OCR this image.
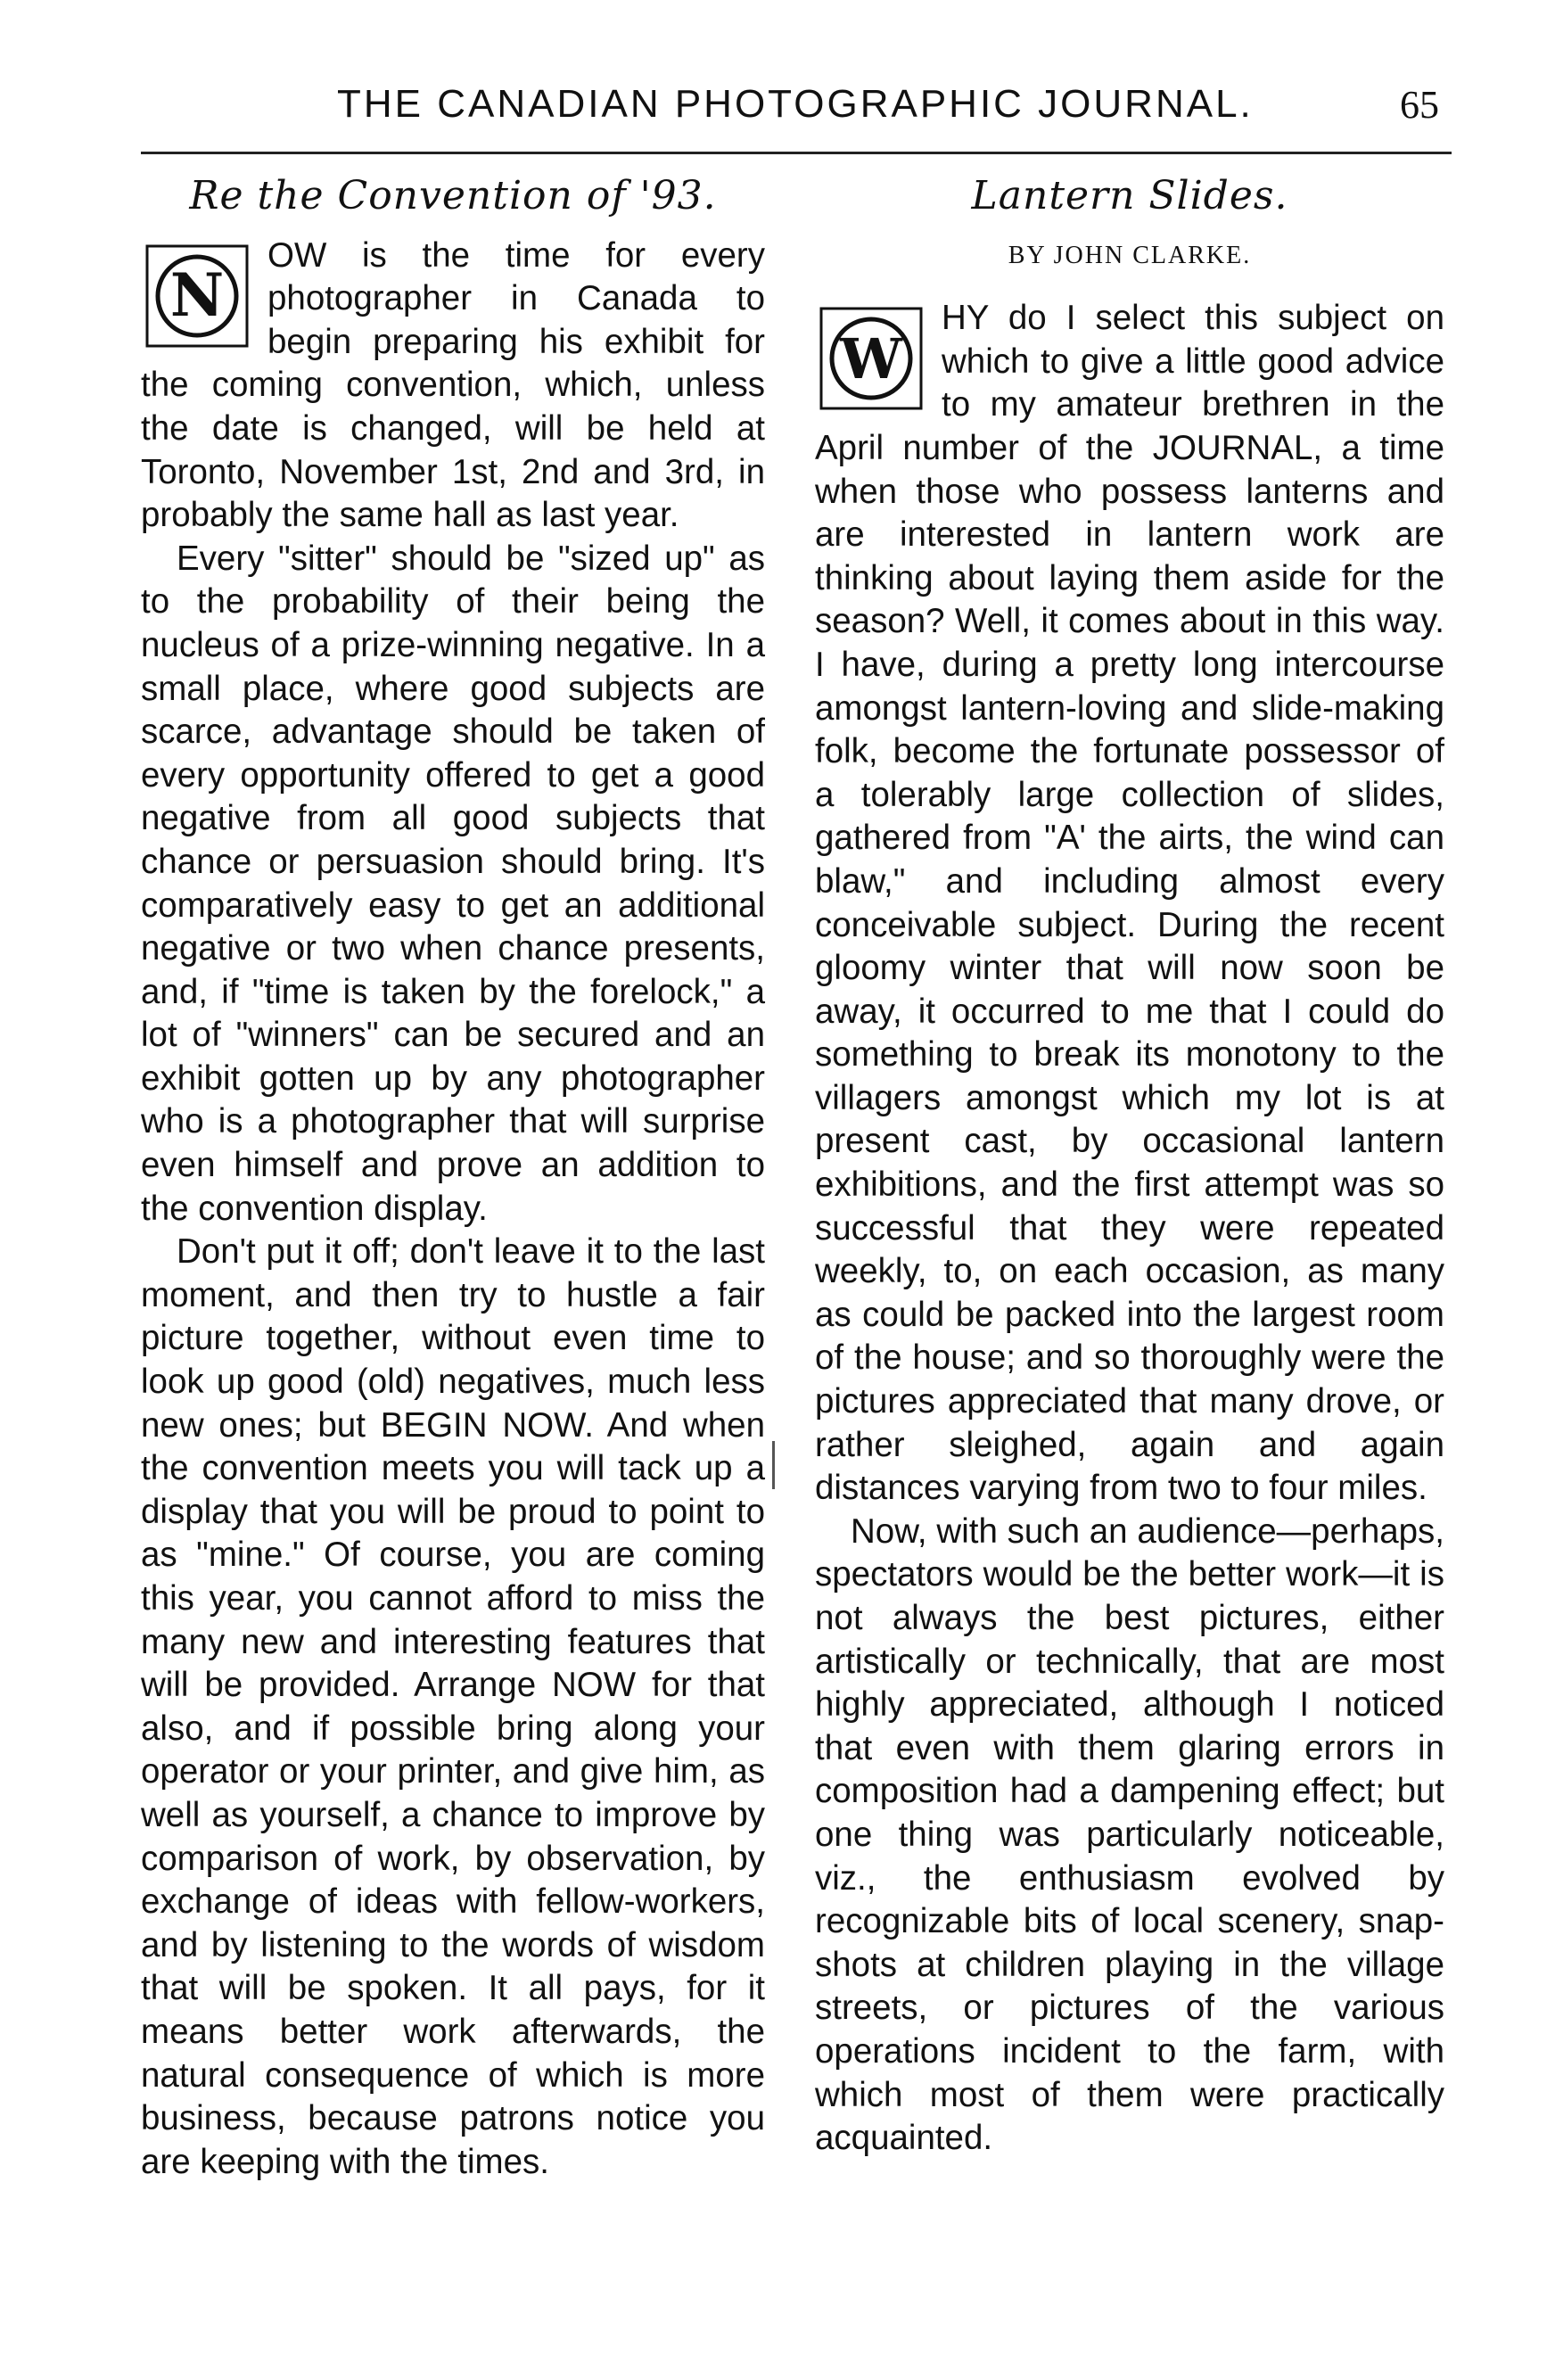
THE CANADIAN PHOTOGRAPHIC JOURNAL.	65
Re the Convention of '93.
N

OW is the time for every photographer in Canada to begin preparing his exhibit for the coming convention, which, unless the date is changed, will be held at Toronto, November 1st, 2nd and 3rd, in probably the same hall as last year.

Every "sitter" should be "sized up" as to the probability of their being the nucleus of a prize-winning negative. In a small place, where good subjects are scarce, advantage should be taken of every opportunity offered to get a good negative from all good subjects that chance or persuasion should bring. It's comparatively easy to get an additional negative or two when chance presents, and, if "time is taken by the forelock," a lot of "winners" can be secured and an exhibit gotten up by any photographer who is a photographer that will surprise even himself and prove an addition to the convention display.

Don't put it off; don't leave it to the last moment, and then try to hustle a fair picture together, without even time to look up good (old) negatives, much less new ones; but BEGIN NOW. And when the convention meets you will tack up a display that you will be proud to point to as "mine." Of course, you are coming this year, you cannot afford to miss the many new and interesting features that will be provided. Arrange NOW for that also, and if possible bring along your operator or your printer, and give him, as well as yourself, a chance to improve by comparison of work, by observation, by exchange of ideas with fellow-workers, and by listening to the words of wisdom that will be spoken. It all pays, for it means better work afterwards, the natural consequence of which is more business, because patrons notice you are keeping with the times.

Lantern Slides.
BY JOHN CLARKE.
W

HY do I select this subject on which to give a little good advice to my amateur brethren in the April number of the JOURNAL, a time when those who possess lanterns and are interested in lantern work are thinking about laying them aside for the season? Well, it comes about in this way. I have, during a pretty long intercourse amongst lantern-loving and slide-making folk, become the fortunate possessor of a tolerably large collection of slides, gathered from "A' the airts, the wind can blaw," and including almost every conceivable subject. During the recent gloomy winter that will now soon be away, it occurred to me that I could do something to break its monotony to the villagers amongst which my lot is at present cast, by occasional lantern exhibitions, and the first attempt was so successful that they were repeated weekly, to, on each occasion, as many as could be packed into the largest room of the house; and so thoroughly were the pictures appreciated that many drove, or rather sleighed, again and again distances varying from two to four miles.

Now, with such an audience—perhaps, spectators would be the better work—it is not always the best pictures, either artistically or technically, that are most highly appreciated, although I noticed that even with them glaring errors in composition had a dampening effect; but one thing was particularly noticeable, viz., the enthusiasm evolved by recognizable bits of local scenery, snap-shots at children playing in the village streets, or pictures of the various operations incident to the farm, with which most of them were practically acquainted.
